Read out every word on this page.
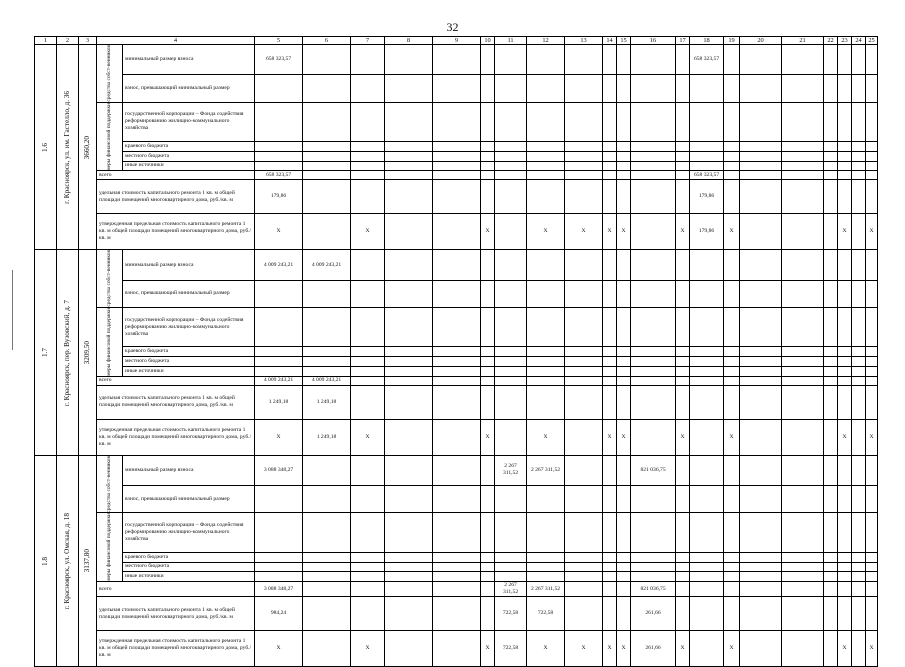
32
1	2	3	4		5	6	7	8	9	10	11	12	13	14	15	16	17	18	19	20	21	22	23	24	25

1.6	г. Красноярск, ул. им. Гастелло, д. 36	3660,20	средства собст-венников	минимальный размер взноса	658 323,57													658 323,57							
				взнос, превышающий минимальный размер																					

			меры финансовой поддержки	государственной корпорации – Фонда содействия реформированию жилищно-коммунального хозяйства																					
				краевого бюджета																					
				местного бюджета																					
				иные источники																					
			всего		658 323,57													658 323,57							
			удельная стоимость капитального ремонта 1 кв. м общей площади помещений многоквартирного дома, руб./кв. м		179,86													179,86							
			утвержденная предельная стоимость капитального ремонта 1 кв. м общей площади помещений многоквартирного дома, руб./кв. м		X		X			X		X	X	X	X		X	179,86	X				X		X

1.7	г. Красноярск, пер. Вузовский, д. 7	3209,50	средства собст-венников	минимальный размер взноса	4 009 243,21	4 009 243,21																			
				взнос, превышающий минимальный размер																					

			меры финансовой поддержки	государственной корпорации – Фонда содействия реформированию жилищно-коммунального хозяйства																					
				краевого бюджета																					
				местного бюджета																					
				иные источники																					
			всего		4 009 243,21	4 009 243,21																			
			удельная стоимость капитального ремонта 1 кв. м общей площади помещений многоквартирного дома, руб./кв. м		1 249,18	1 249,18																			
			утвержденная предельная стоимость капитального ремонта 1 кв. м общей площади помещений многоквартирного дома, руб./кв. м		X	1 249,18	X			X		X		X	X		X		X				X		X

1.8	г. Красноярск, ул. Омская, д. 18	3137,80	средства собст-венников	минимальный размер взноса	3 088 348,27						2 267 311,52	2 267 311,52				821 036,75									
				взнос, превышающий минимальный размер																					

			меры финансовой поддержки	государственной корпорации – Фонда содействия реформированию жилищно-коммунального хозяйства																					
				краевого бюджета																					
				местного бюджета																					
				иные источники																					
			всего		3 088 348,27						2 267 311,52	2 267 311,52				821 036,75									
			удельная стоимость капитального ремонта 1 кв. м общей площади помещений многоквартирного дома, руб./кв. м		984,24						722,58	722,58				261,66									
			утвержденная предельная стоимость капитального ремонта 1 кв. м общей площади помещений многоквартирного дома, руб./кв. м		X		X			X	722,58	X	X	X	X	261,66	X		X				X		X
